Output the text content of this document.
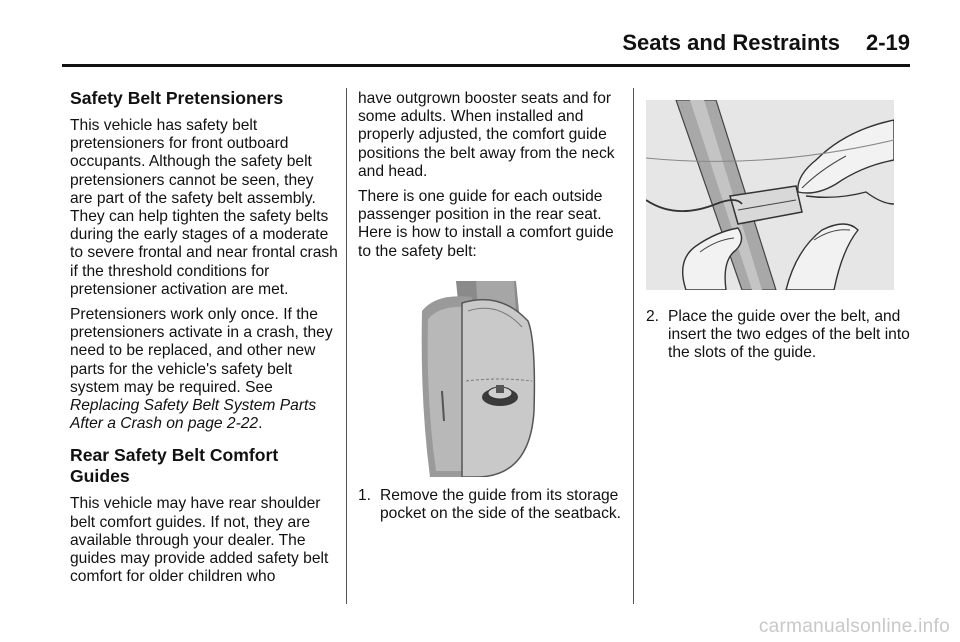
Seats and Restraints 2-19
Safety Belt Pretensioners

This vehicle has safety belt pretensioners for front outboard occupants. Although the safety belt pretensioners cannot be seen, they are part of the safety belt assembly. They can help tighten the safety belts during the early stages of a moderate to severe frontal and near frontal crash if the threshold conditions for pretensioner activation are met.

Pretensioners work only once. If the pretensioners activate in a crash, they need to be replaced, and other new parts for the vehicle's safety belt system may be required. See Replacing Safety Belt System Parts After a Crash on page 2-22.

Rear Safety Belt Comfort Guides

This vehicle may have rear shoulder belt comfort guides. If not, they are available through your dealer. The guides may provide added safety belt comfort for older children who

have outgrown booster seats and for some adults. When installed and properly adjusted, the comfort guide positions the belt away from the neck and head.

There is one guide for each outside passenger position in the rear seat. Here is how to install a comfort guide to the safety belt:

1. Remove the guide from its storage pocket on the side of the seatback.
2. Place the guide over the belt, and insert the two edges of the belt into the slots of the guide.
carmanualsonline.info
